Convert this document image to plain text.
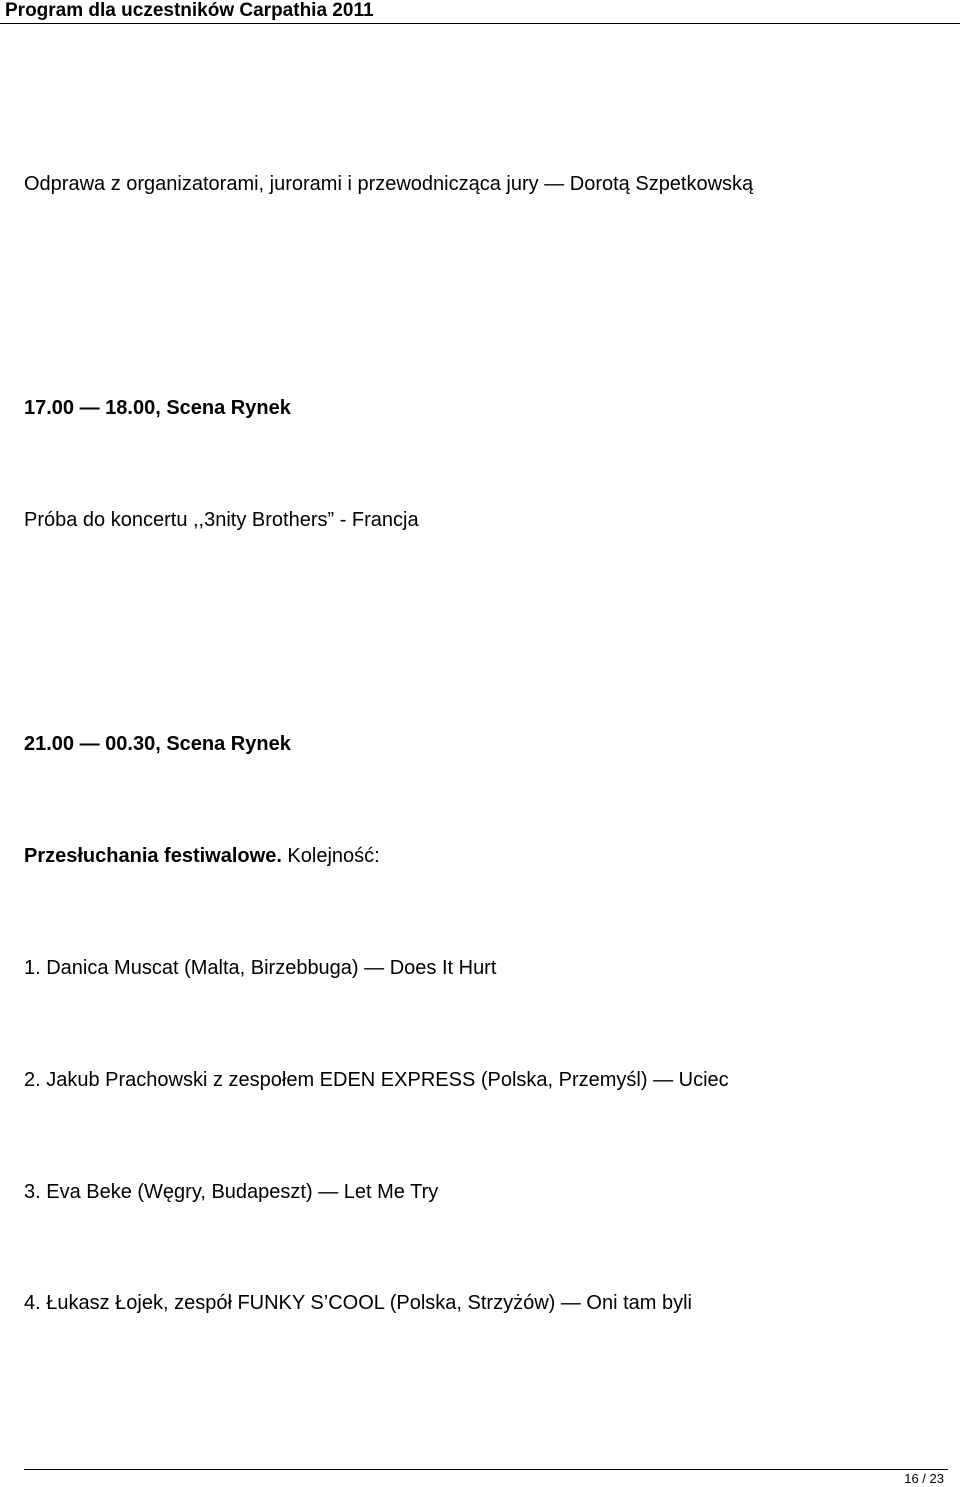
Program dla uczestników Carpathia 2011
Odprawa z organizatorami, jurorami i przewodnicząca jury — Dorotą Szpetkowską
17.00 — 18.00, Scena Rynek
Próba do koncertu ,,3nity Brothers” - Francja
21.00 — 00.30, Scena Rynek
Przesłuchania festiwalowe. Kolejność:
1. Danica Muscat (Malta, Birzebbuga) — Does It Hurt
2. Jakub Prachowski z zespołem EDEN EXPRESS (Polska, Przemyśl) — Uciec
3. Eva Beke (Węgry, Budapeszt) — Let Me Try
4. Łukasz Łojek, zespół FUNKY S’COOL (Polska, Strzyżów) — Oni tam byli
16 / 23
